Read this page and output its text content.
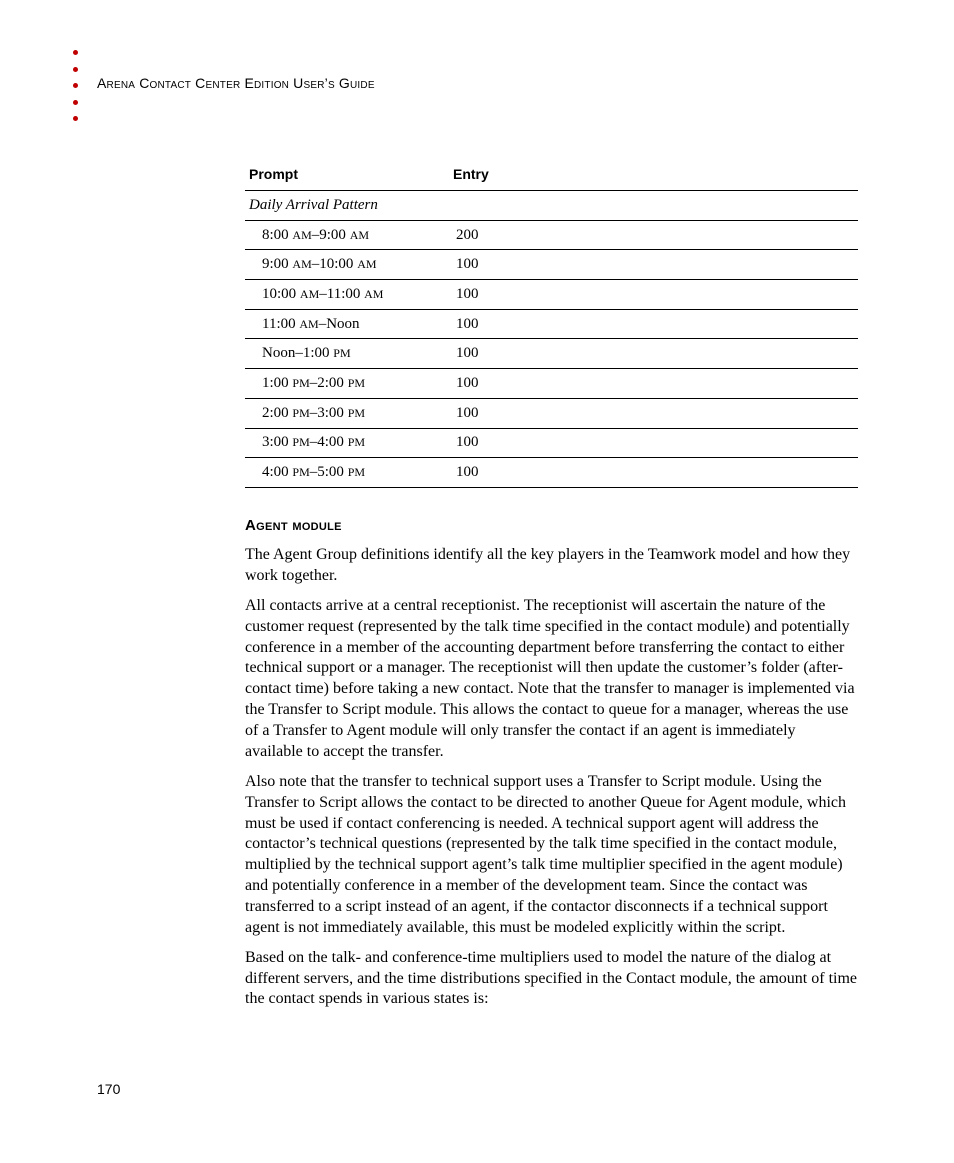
Arena Contact Center Edition User’s Guide
Prompt	Entry
Daily Arrival Pattern	
8:00 AM–9:00 AM	200
9:00 AM–10:00 AM	100
10:00 AM–11:00 AM	100
11:00 AM–Noon	100
Noon–1:00 PM	100
1:00 PM–2:00 PM	100
2:00 PM–3:00 PM	100
3:00 PM–4:00 PM	100
4:00 PM–5:00 PM	100
Agent module

The Agent Group definitions identify all the key players in the Teamwork model and how they work together.

All contacts arrive at a central receptionist. The receptionist will ascertain the nature of the customer request (represented by the talk time specified in the contact module) and potentially conference in a member of the accounting department before transferring the contact to either technical support or a manager. The receptionist will then update the customer’s folder (after-contact time) before taking a new contact. Note that the transfer to manager is implemented via the Transfer to Script module. This allows the contact to queue for a manager, whereas the use of a Transfer to Agent module will only transfer the contact if an agent is immediately available to accept the transfer.

Also note that the transfer to technical support uses a Transfer to Script module. Using the Transfer to Script allows the contact to be directed to another Queue for Agent module, which must be used if contact conferencing is needed. A technical support agent will address the contactor’s technical questions (represented by the talk time specified in the contact module, multiplied by the technical support agent’s talk time multiplier specified in the agent module) and potentially conference in a member of the development team. Since the contact was transferred to a script instead of an agent, if the contactor disconnects if a technical support agent is not immediately available, this must be modeled explicitly within the script.

Based on the talk- and conference-time multipliers used to model the nature of the dialog at different servers, and the time distributions specified in the Contact module, the amount of time the contact spends in various states is:

170
